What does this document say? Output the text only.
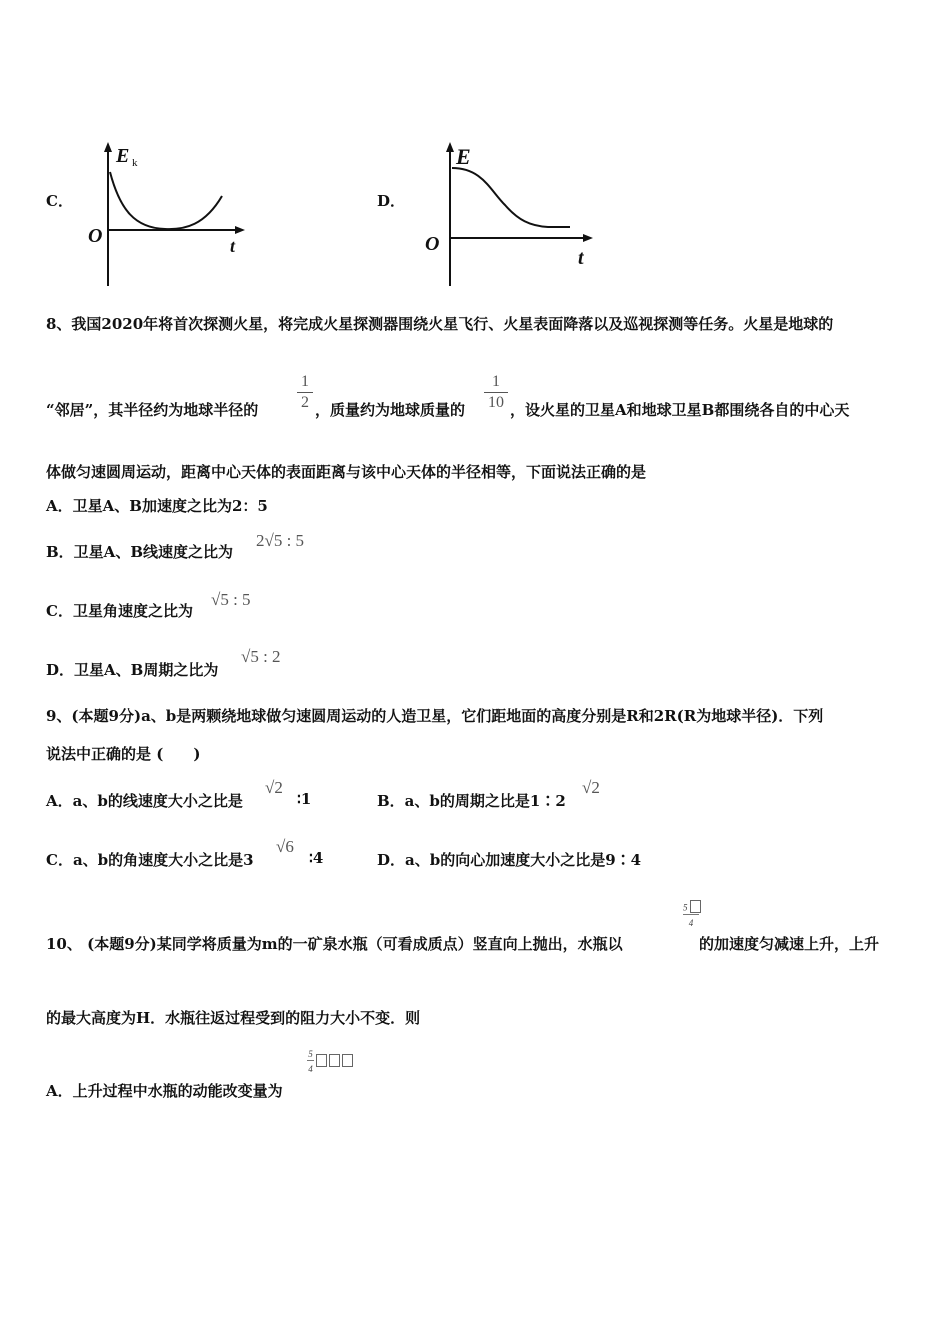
C．
E k
O	t
D．
E
O
t
8、我国2020年将首次探测火星，将完成火星探测器围绕火星飞行、火星表面降落以及巡视探测等任务。火星是地球的
“邻居”，其半径约为地球半径的
1
2 ，质量约为地球质量的
1
10 ，设火星的卫星A和地球卫星B都围绕各自的中心天
体做匀速圆周运动，距离中心天体的表面距离与该中心天体的半径相等，下面说法正确的是
A．卫星A、B加速度之比为2：5
B．卫星A、B线速度之比为
2√5 : 5
C．卫星角速度之比为
√5 : 5
D．卫星A、B周期之比为
√5 : 2
9、(本题9分)a、b是两颗绕地球做匀速圆周运动的人造卫星，它们距地面的高度分别是R和2R(R为地球半径)．下列
说法中正确的是 (　　)
A．a、b的线速度大小之比是
√2
∶1	B．a、b的周期之比是1∶2
√2
C．a、b的角速度大小之比是3
√6
∶4	D．a、b的向心加速度大小之比是9∶4
10、 (本题9分)某同学将质量为m的一矿泉水瓶（可看成质点）竖直向上抛出，水瓶以
5
4
的加速度匀减速上升，上升
的最大高度为H．水瓶往返过程受到的阻力大小不变．则
A．上升过程中水瓶的动能改变量为
$\frac{5}{4}$
